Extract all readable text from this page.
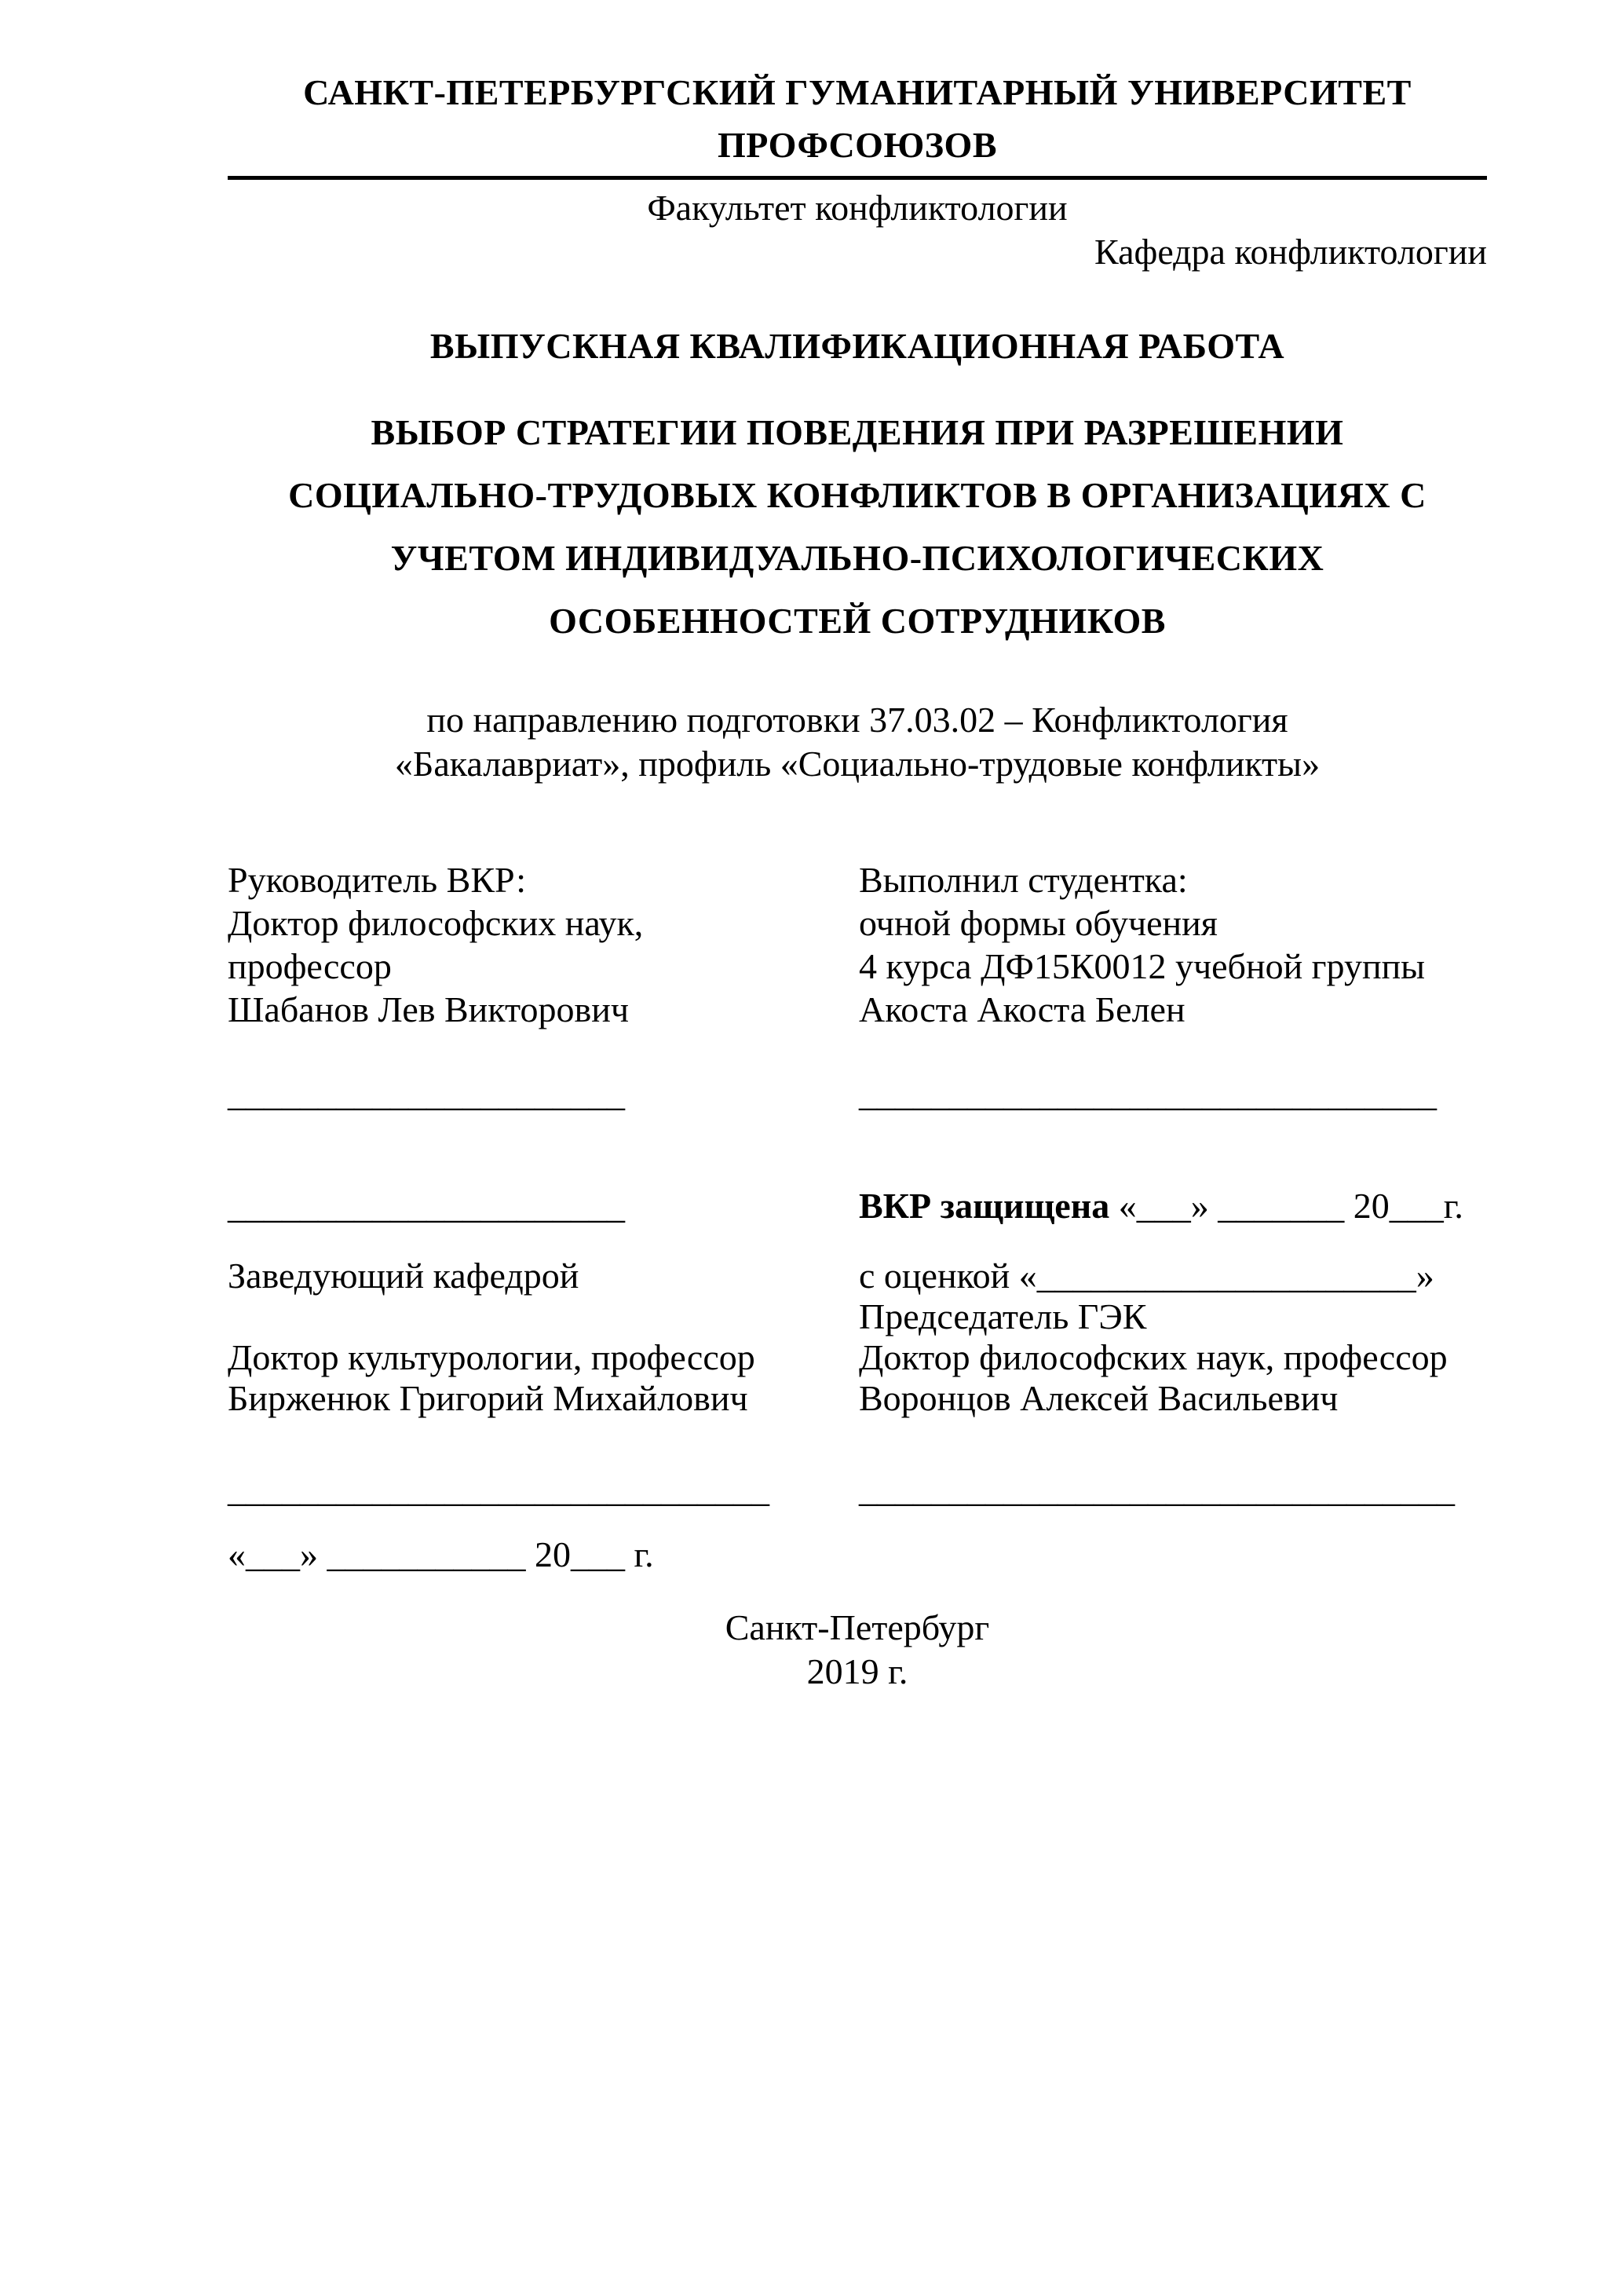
САНКТ-ПЕТЕРБУРГСКИЙ ГУМАНИТАРНЫЙ УНИВЕРСИТЕТ
ПРОФСОЮЗОВ
Факультет конфликтологии
Кафедра конфликтологии
ВЫПУСКНАЯ КВАЛИФИКАЦИОННАЯ РАБОТА
ВЫБОР СТРАТЕГИИ ПОВЕДЕНИЯ ПРИ РАЗРЕШЕНИИ
СОЦИАЛЬНО-ТРУДОВЫХ КОНФЛИКТОВ В ОРГАНИЗАЦИЯХ С
УЧЕТОМ ИНДИВИДУАЛЬНО-ПСИХОЛОГИЧЕСКИХ
ОСОБЕННОСТЕЙ СОТРУДНИКОВ
по направлению подготовки 37.03.02 – Конфликтология
«Бакалавриат», профиль «Социально-трудовые конфликты»
Руководитель ВКР:
Доктор философских наук,
профессор
Шабанов Лев Викторович
Выполнил студентка:
очной формы обучения
4 курса ДФ15К0012 учебной группы
Акоста Акоста Белен
______________________	________________________________
______________________	ВКР защищена «___» _______ 20___г.
Заведующий кафедрой
Доктор культурологии, профессор
Бирженюк Григорий Михайлович
с оценкой «_____________________»
Председатель ГЭК
Доктор философских наук, профессор
Воронцов Алексей Васильевич
______________________________	_________________________________
«___» ___________ 20___ г.
Санкт-Петербург
2019 г.
